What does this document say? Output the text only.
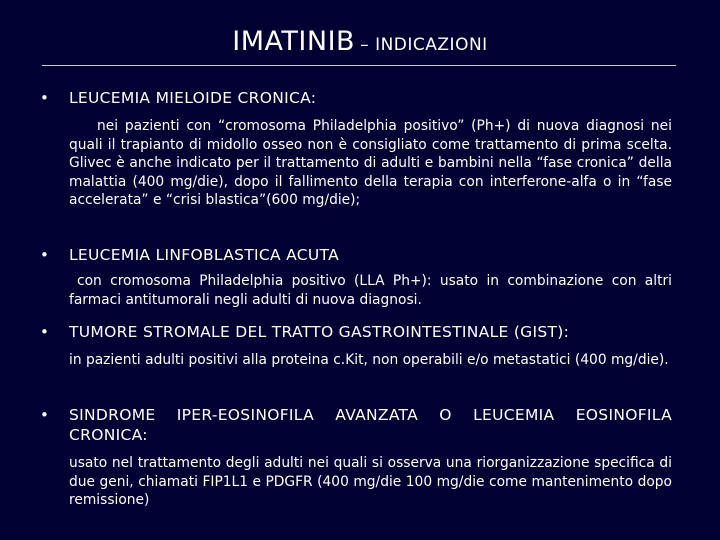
IMATINIB – INDICAZIONI
• LEUCEMIA MIELOIDE CRONICA:
nei pazienti con “cromosoma Philadelphia positivo” (Ph+) di nuova diagnosi nei quali il trapianto di midollo osseo non è consigliato come trattamento di prima scelta. Glivec è anche indicato per il trattamento di adulti e bambini nella “fase cronica” della malattia (400 mg/die), dopo il fallimento della terapia con interferone-alfa o in “fase accelerata” e “crisi blastica”(600 mg/die);
• LEUCEMIA LINFOBLASTICA ACUTA
con cromosoma Philadelphia positivo (LLA Ph+): usato in combinazione con altri farmaci antitumorali negli adulti di nuova diagnosi.
• TUMORE STROMALE DEL TRATTO GASTROINTESTINALE (GIST):
in pazienti adulti positivi alla proteina c.Kit, non operabili e/o metastatici (400 mg/die).
• SINDROME IPER-EOSINOFILA AVANZATA O LEUCEMIA EOSINOFILA CRONICA:
usato nel trattamento degli adulti nei quali si osserva una riorganizzazione specifica di due geni, chiamati FIP1L1 e PDGFR (400 mg/die 100 mg/die come mantenimento dopo remissione)
